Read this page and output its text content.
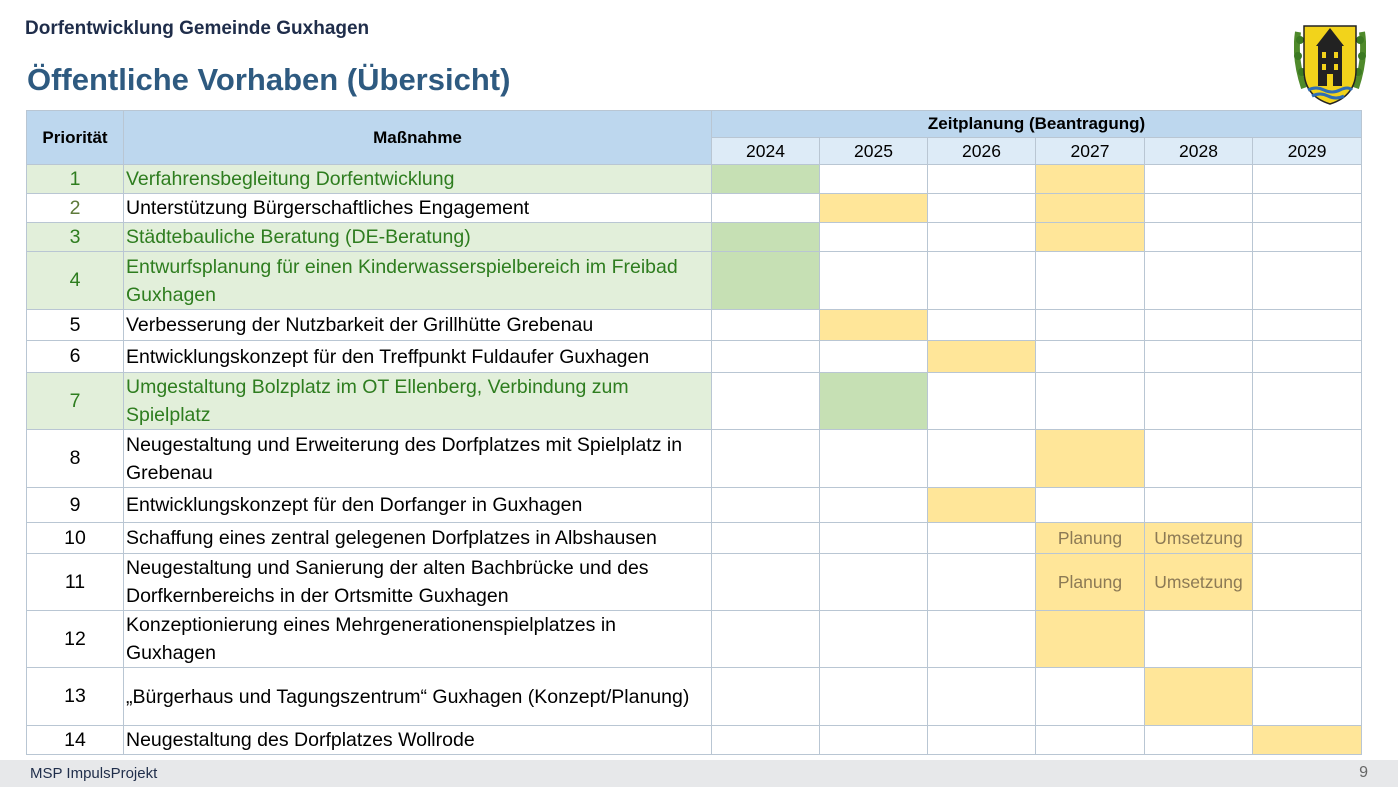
Dorfentwicklung Gemeinde Guxhagen
Öffentliche Vorhaben (Übersicht)
Priorität	Maßnahme	Zeitplanung (Beantragung)					
		2024	2025	2026	2027	2028	2029
1	Verfahrensbegleitung Dorfentwicklung						
2	Unterstützung Bürgerschaftliches Engagement						
3	Städtebauliche Beratung (DE-Beratung)						
4	Entwurfsplanung für einen Kinderwasserspielbereich im Freibad Guxhagen						
5	Verbesserung der Nutzbarkeit der Grillhütte Grebenau						
6	Entwicklungskonzept für den Treffpunkt Fuldaufer Guxhagen						
7	Umgestaltung Bolzplatz im OT Ellenberg, Verbindung zum Spielplatz						
8	Neugestaltung und Erweiterung des Dorfplatzes mit Spielplatz in Grebenau						
9	Entwicklungskonzept für den Dorfanger in Guxhagen						
10	Schaffung eines zentral gelegenen Dorfplatzes in Albshausen				Planung	Umsetzung	
11	Neugestaltung und Sanierung der alten Bachbrücke und des Dorfkernbereichs in der Ortsmitte Guxhagen				Planung	Umsetzung	
12	Konzeptionierung eines Mehrgenerationenspielplatzes in Guxhagen						
13	„Bürgerhaus und Tagungszentrum“ Guxhagen (Konzept/Planung)						
14	Neugestaltung des Dorfplatzes Wollrode						
MSP ImpulsProjekt	9
